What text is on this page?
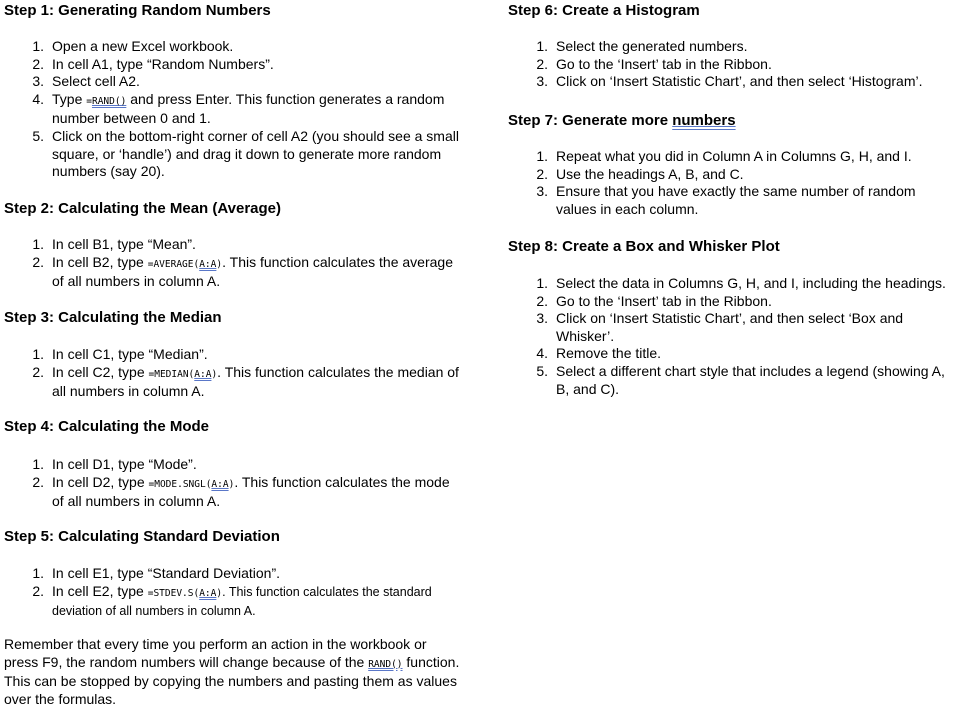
Step 1: Generating Random Numbers
1. Open a new Excel workbook.
2. In cell A1, type “Random Numbers”.
3. Select cell A2.
4. Type =RAND() and press Enter. This function generates a random number between 0 and 1.
5. Click on the bottom-right corner of cell A2 (you should see a small square, or ‘handle’) and drag it down to generate more random numbers (say 20).
Step 2: Calculating the Mean (Average)
1. In cell B1, type “Mean”.
2. In cell B2, type =AVERAGE(A:A). This function calculates the average of all numbers in column A.
Step 3: Calculating the Median
1. In cell C1, type “Median”.
2. In cell C2, type =MEDIAN(A:A). This function calculates the median of all numbers in column A.
Step 4: Calculating the Mode
1. In cell D1, type “Mode”.
2. In cell D2, type =MODE.SNGL(A:A). This function calculates the mode of all numbers in column A.
Step 5: Calculating Standard Deviation
1. In cell E1, type “Standard Deviation”.
2. In cell E2, type =STDEV.S(A:A). This function calculates the standard deviation of all numbers in column A.

Remember that every time you perform an action in the workbook or press F9, the random numbers will change because of the RAND() function. This can be stopped by copying the numbers and pasting them as values over the formulas.

Step 6: Create a Histogram
1. Select the generated numbers.
2. Go to the ‘Insert’ tab in the Ribbon.
3. Click on ‘Insert Statistic Chart’, and then select ‘Histogram’.
Step 7: Generate more numbers
1. Repeat what you did in Column A in Columns G, H, and I.
2. Use the headings A, B, and C.
3. Ensure that you have exactly the same number of random values in each column.
Step 8: Create a Box and Whisker Plot
1. Select the data in Columns G, H, and I, including the headings.
2. Go to the ‘Insert’ tab in the Ribbon.
3. Click on ‘Insert Statistic Chart’, and then select ‘Box and Whisker’.
4. Remove the title.
5. Select a different chart style that includes a legend (showing A, B, and C).
